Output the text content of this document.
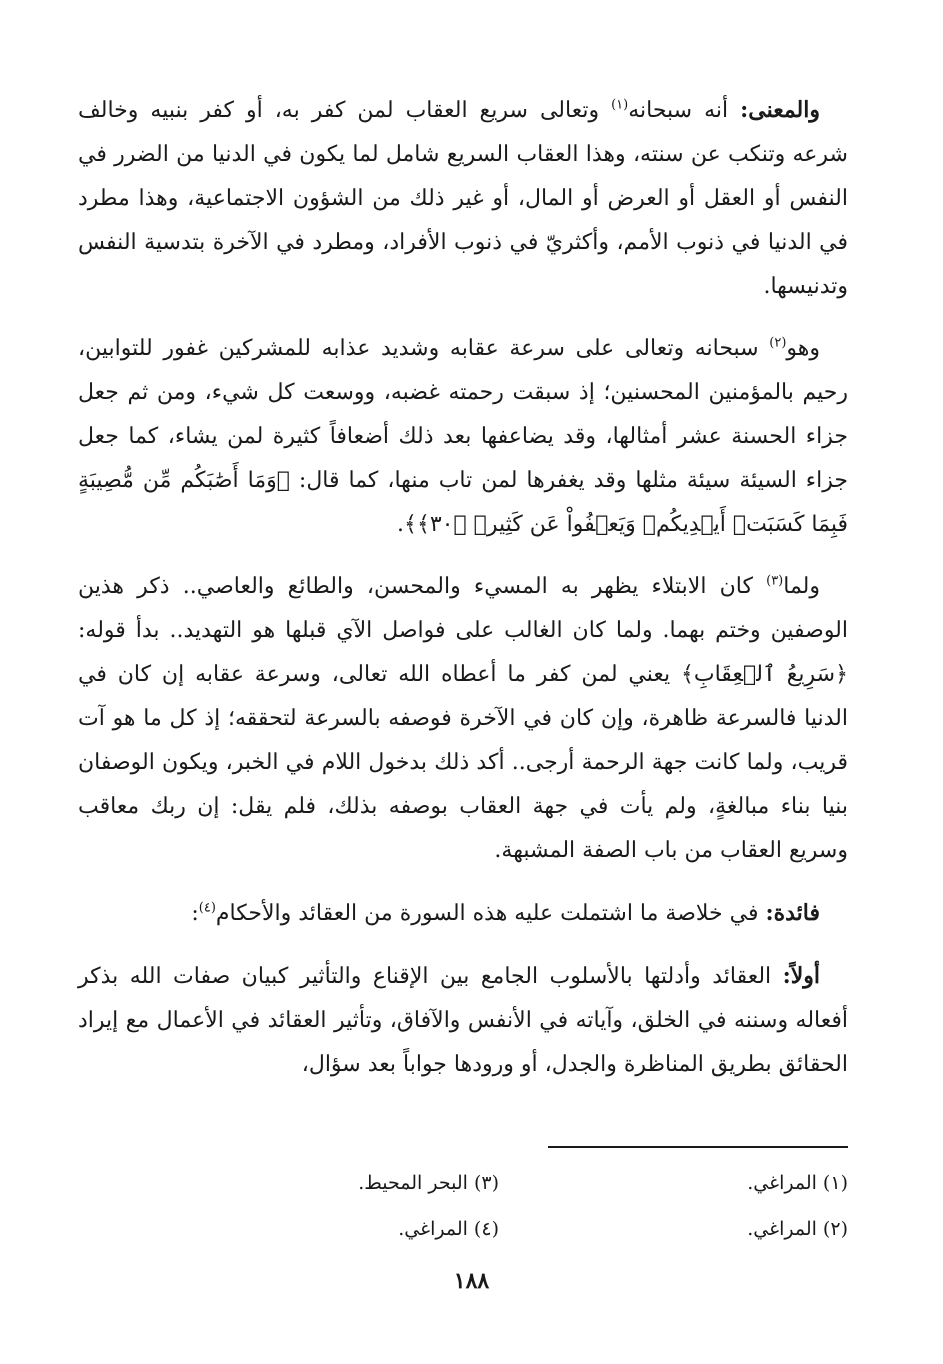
والمعنى: أنه سبحانه$^{(١)}$ وتعالى سريع العقاب لمن كفر به، أو كفر بنبيه وخالف شرعه وتنكب عن سنته، وهذا العقاب السريع شامل لما يكون في الدنيا من الضرر في النفس أو العقل أو العرض أو المال، أو غير ذلك من الشؤون الاجتماعية، وهذا مطرد في الدنيا في ذنوب الأمم، وأكثريّ في ذنوب الأفراد، ومطرد في الآخرة بتدسية النفس وتدنيسها.

وهو$^{(٢)}$ سبحانه وتعالى على سرعة عقابه وشديد عذابه للمشركين غفور للتوابين، رحيم بالمؤمنين المحسنين؛ إذ سبقت رحمته غضبه، ووسعت كل شيء، ومن ثم جعل جزاء الحسنة عشر أمثالها، وقد يضاعفها بعد ذلك أضعافاً كثيرة لمن يشاء، كما جعل جزاء السيئة سيئة مثلها وقد يغفرها لمن تاب منها، كما قال: ﴿وَمَا أَصَٰبَكُم مِّن مُّصِيبَةٍ فَبِمَا كَسَبَتۡ أَيۡدِيكُمۡ وَيَعۡفُواْ عَن كَثِيرٖ ﴿٣٠﴾﴾.

ولما$^{(٣)}$ كان الابتلاء يظهر به المسيء والمحسن، والطائع والعاصي.. ذكر هذين الوصفين وختم بهما. ولما كان الغالب على فواصل الآي قبلها هو التهديد.. بدأ قوله: ﴿سَرِيعُ ٱلۡعِقَابِ﴾ يعني لمن كفر ما أعطاه الله تعالى، وسرعة عقابه إن كان في الدنيا فالسرعة ظاهرة، وإن كان في الآخرة فوصفه بالسرعة لتحققه؛ إذ كل ما هو آت قريب، ولما كانت جهة الرحمة أرجى.. أكد ذلك بدخول اللام في الخبر، ويكون الوصفان بنيا بناء مبالغةٍ، ولم يأت في جهة العقاب بوصفه بذلك، فلم يقل: إن ربك معاقب وسريع العقاب من باب الصفة المشبهة.

فائدة: في خلاصة ما اشتملت عليه هذه السورة من العقائد والأحكام$^{(٤)}$:

أولاً: العقائد وأدلتها بالأسلوب الجامع بين الإقناع والتأثير كبيان صفات الله بذكر أفعاله وسننه في الخلق، وآياته في الأنفس والآفاق، وتأثير العقائد في الأعمال مع إيراد الحقائق بطريق المناظرة والجدل، أو ورودها جواباً بعد سؤال،

(١) المراغي.
(٣) البحر المحيط.
(٢) المراغي.
(٤) المراغي.
١٨٨
